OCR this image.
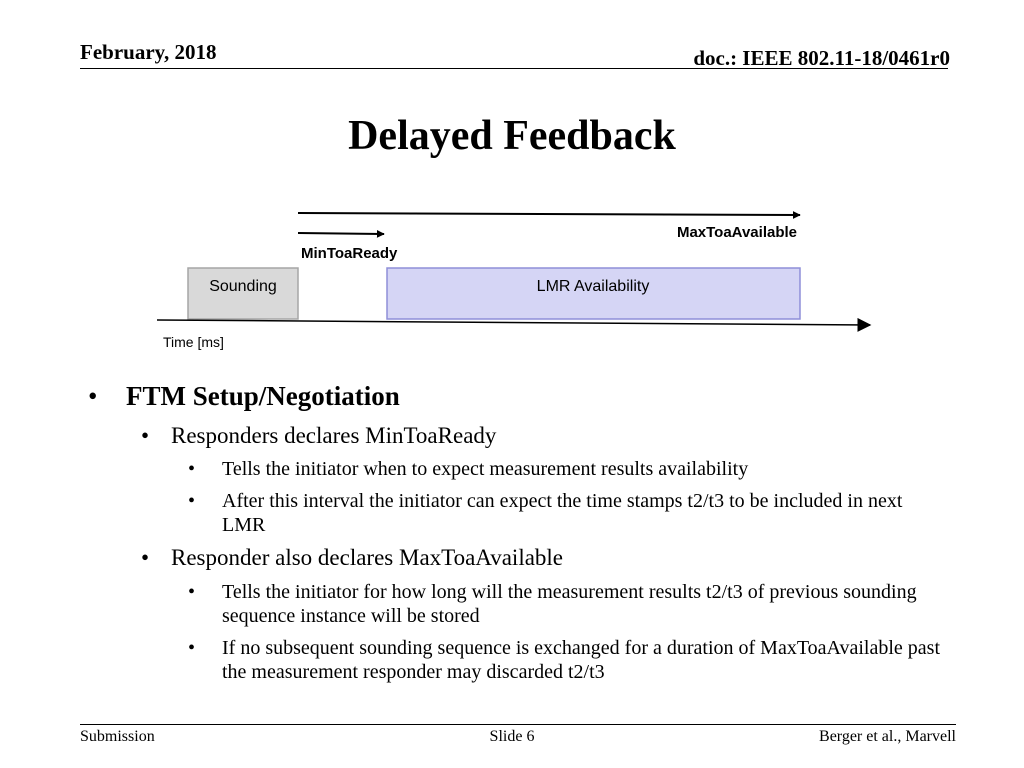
February, 2018	doc.: IEEE 802.11-18/0461r0
Delayed Feedback
MaxToaAvailable
MinToaReady
Sounding	LMR Availability
Time [ms]
• FTM Setup/Negotiation
• Responders declares MinToaReady
• Tells the initiator when to expect measurement results availability
• After this interval the initiator can expect the time stamps t2/t3 to be included in next LMR
• Responder also declares MaxToaAvailable
• Tells the initiator for how long will the measurement results t2/t3 of previous sounding sequence instance will be stored
• If no subsequent sounding sequence is exchanged for a duration of MaxToaAvailable past the measurement responder may discarded t2/t3
Submission	Slide 6	Berger et al., Marvell
